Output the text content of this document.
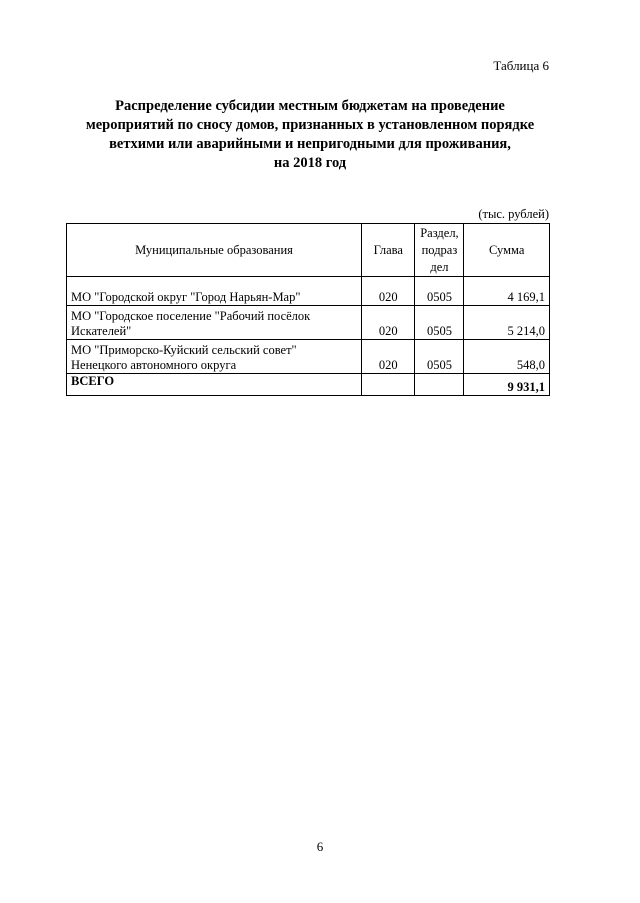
Таблица 6
Распределение субсидии местным бюджетам на проведение
мероприятий по сносу домов, признанных в установленном порядке
ветхими или аварийными и непригодными для проживания,
на 2018 год
(тыс. рублей)
Муниципальные образования	Глава	Раздел,
подраз
дел	Сумма
МО "Городской округ "Город Нарьян-Мар"	020	0505	4 169,1
МО "Городское поселение "Рабочий посёлок
Искателей"	020	0505	5 214,0
МО "Приморско-Куйский сельский совет"
Ненецкого автономного округа	020	0505	548,0
ВСЕГО			9 931,1
6
